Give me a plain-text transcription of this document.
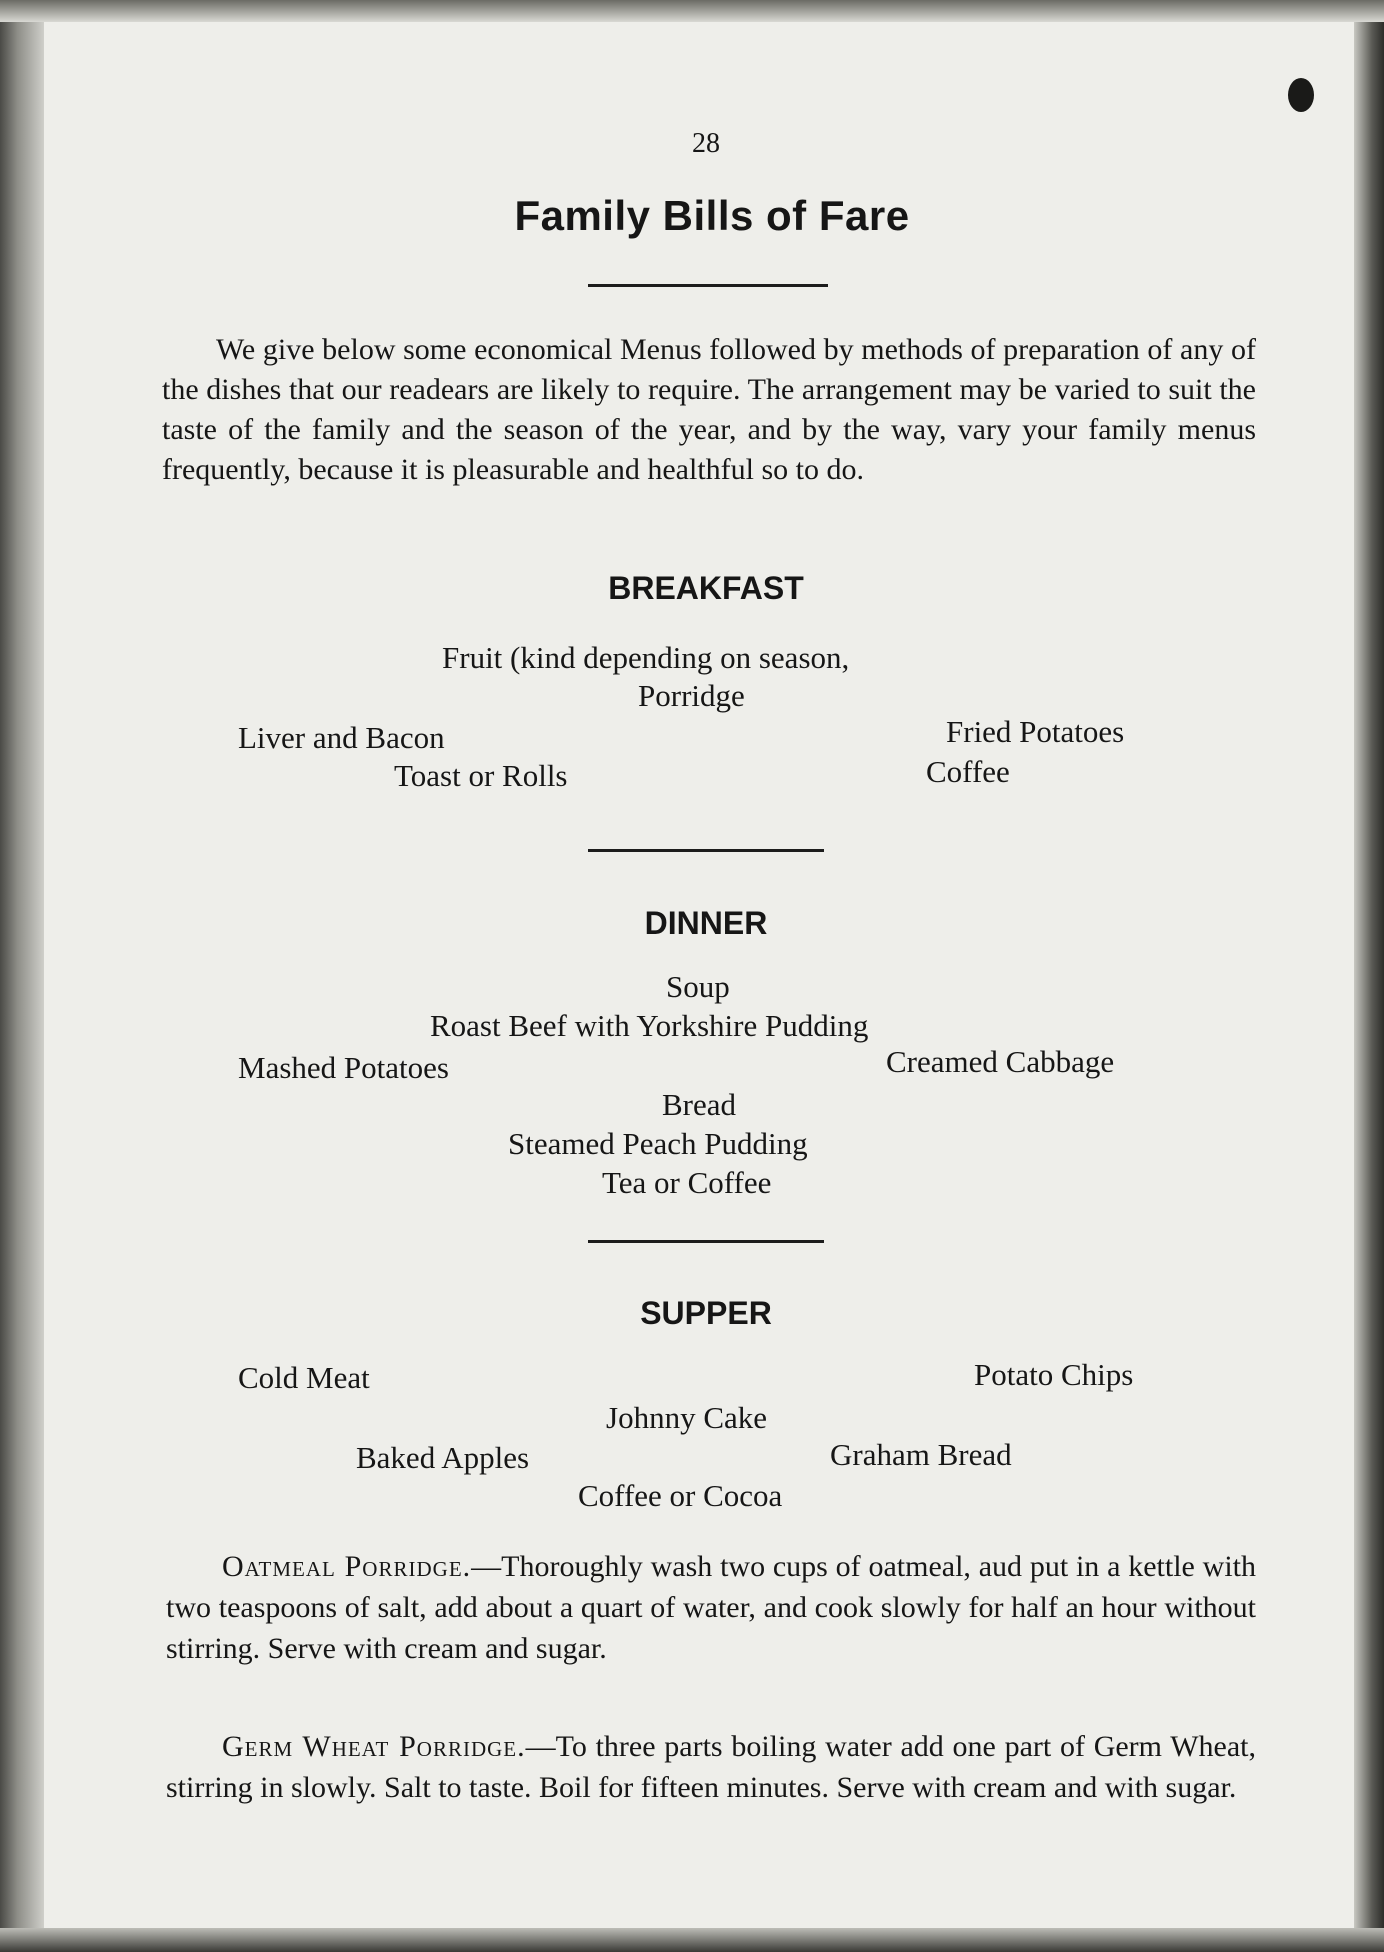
28
Family Bills of Fare

We give below some economical Menus followed by methods of preparation of any of the dishes that our readears are likely to require. The arrangement may be varied to suit the taste of the family and the season of the year, and by the way, vary your family menus frequently, because it is pleasurable and healthful so to do.

BREAKFAST
Fruit (kind depending on season,
Porridge
Liver and Bacon	Fried Potatoes
Toast or Rolls	Coffee
DINNER
Soup
Roast Beef with Yorkshire Pudding
Mashed Potatoes	Creamed Cabbage
Bread
Steamed Peach Pudding
Tea or Coffee
SUPPER
Cold Meat	Potato Chips
Johnny Cake
Baked Apples	Graham Bread
Coffee or Cocoa

Oatmeal Porridge.—Thoroughly wash two cups of oatmeal, aud put in a kettle with two teaspoons of salt, add about a quart of water, and cook slowly for half an hour without stirring. Serve with cream and sugar.

Germ Wheat Porridge.—To three parts boiling water add one part of Germ Wheat, stirring in slowly. Salt to taste. Boil for fifteen minutes. Serve with cream and with sugar.
